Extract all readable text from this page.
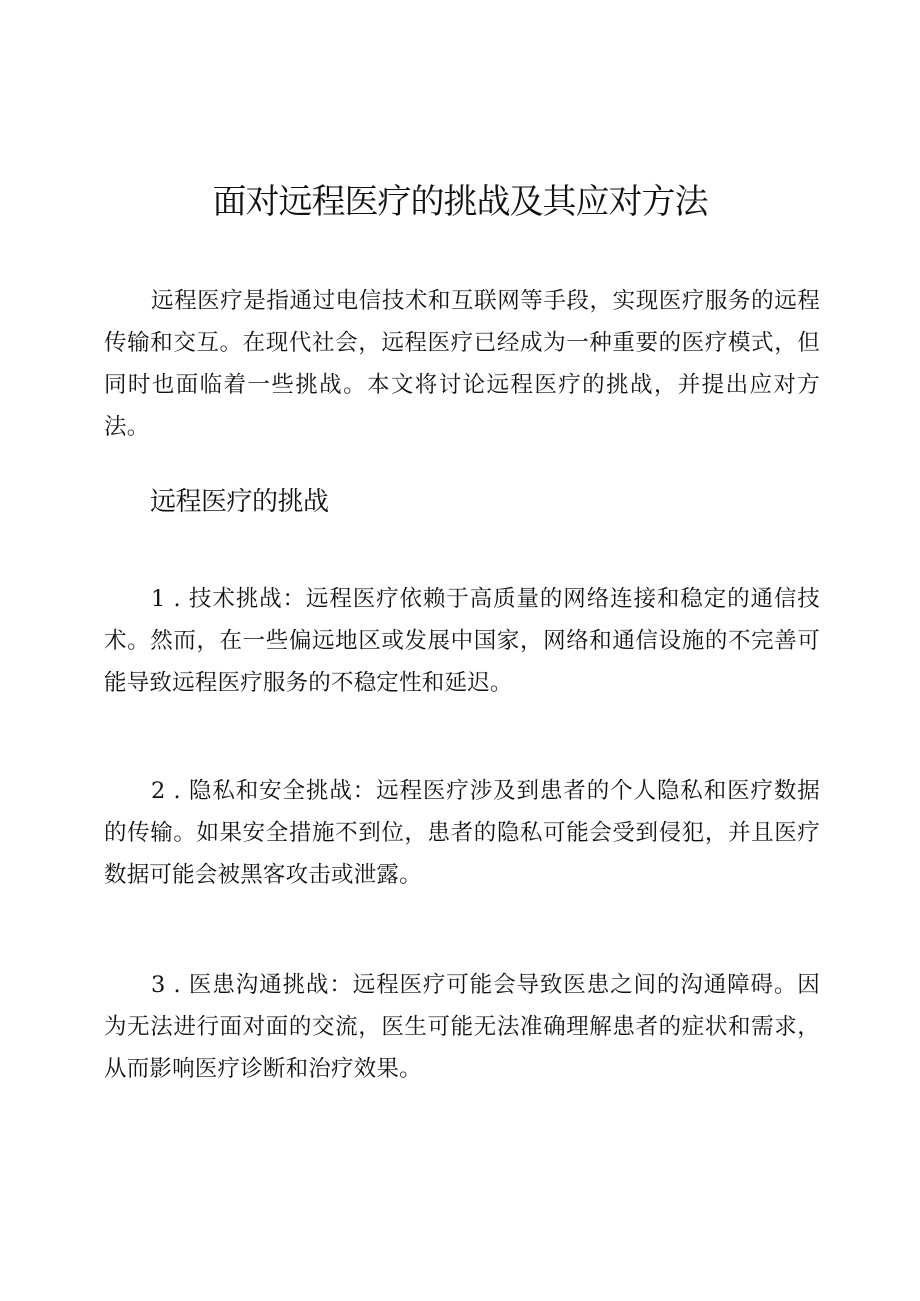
面对远程医疗的挑战及其应对方法

远程医疗是指通过电信技术和互联网等手段，实现医疗服务的远程传输和交互。在现代社会，远程医疗已经成为一种重要的医疗模式，但同时也面临着一些挑战。本文将讨论远程医疗的挑战，并提出应对方法。

远程医疗的挑战

1 . 技术挑战：远程医疗依赖于高质量的网络连接和稳定的通信技术。然而，在一些偏远地区或发展中国家，网络和通信设施的不完善可能导致远程医疗服务的不稳定性和延迟。

2 . 隐私和安全挑战：远程医疗涉及到患者的个人隐私和医疗数据的传输。如果安全措施不到位，患者的隐私可能会受到侵犯，并且医疗数据可能会被黑客攻击或泄露。

3 . 医患沟通挑战：远程医疗可能会导致医患之间的沟通障碍。因为无法进行面对面的交流，医生可能无法准确理解患者的症状和需求，从而影响医疗诊断和治疗效果。
